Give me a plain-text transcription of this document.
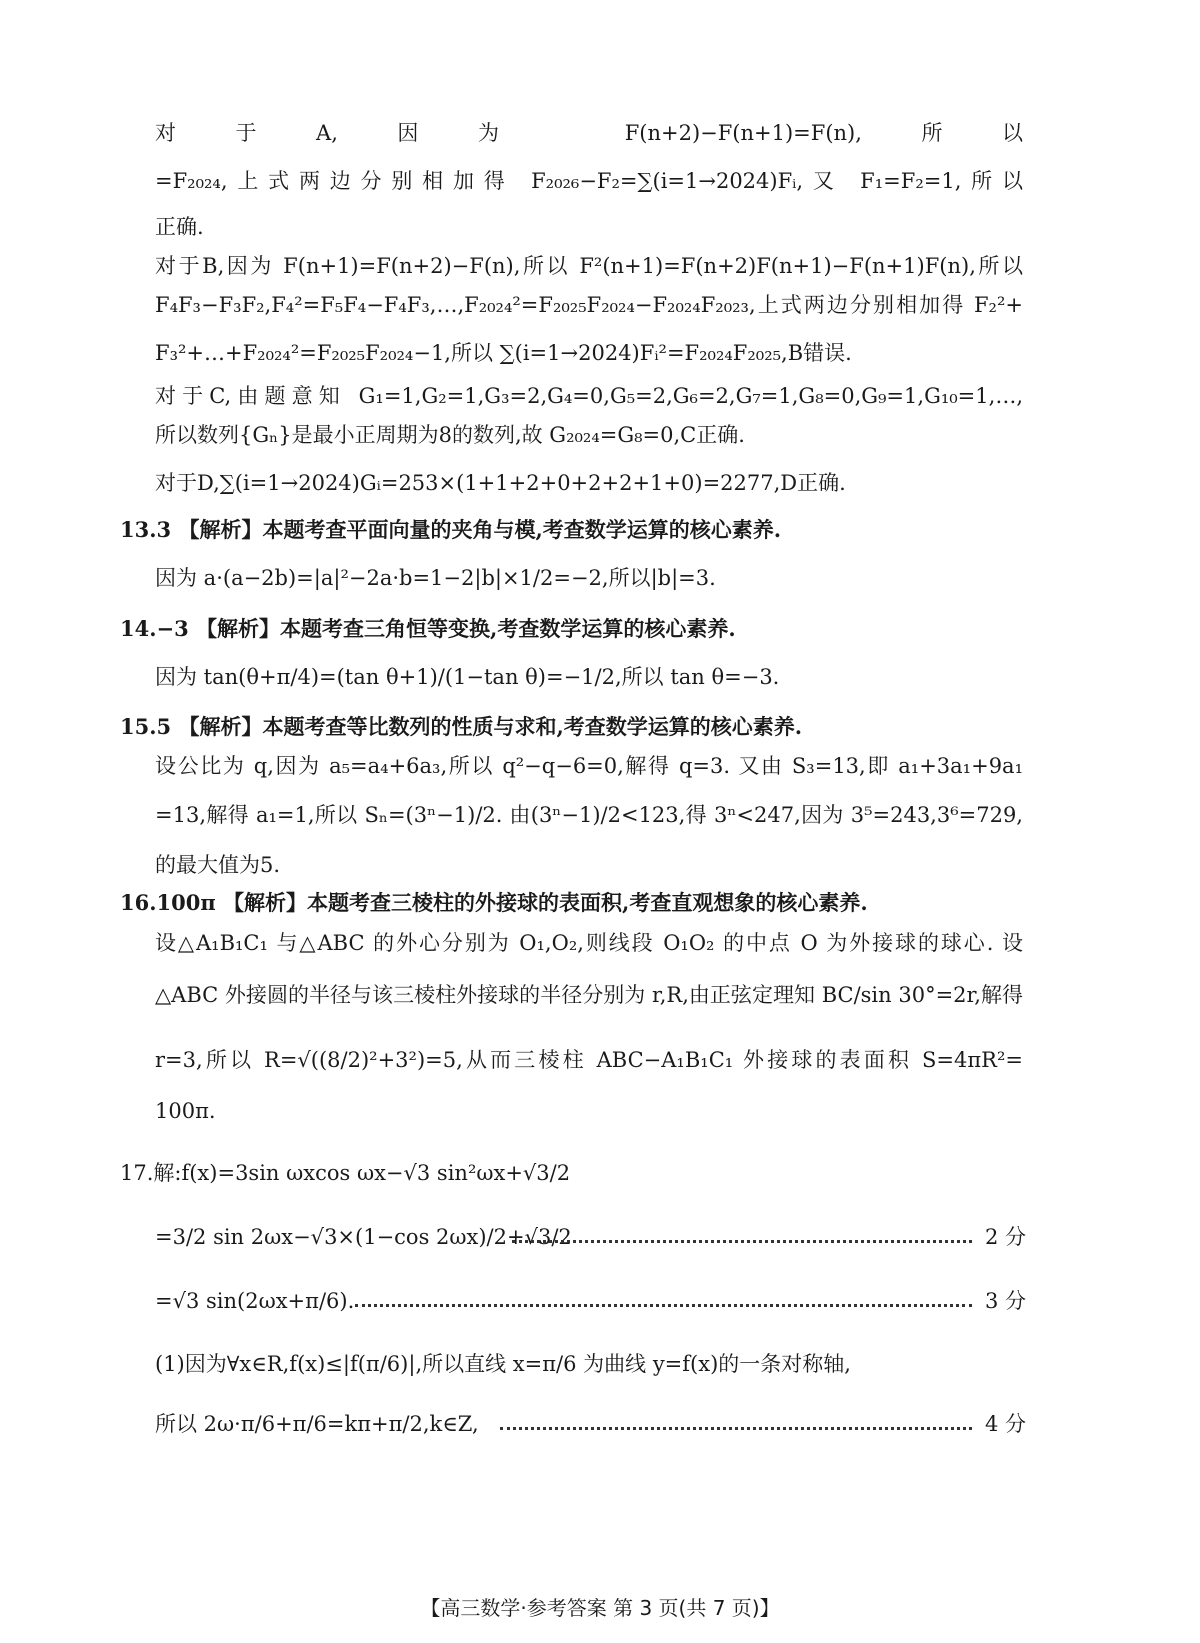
对于A,因为 F(n+2)−F(n+1)=F(n),所以
=F₂₀₂₄,上式两边分别相加得 F₂₀₂₆−F₂=∑(i=1→2024)Fᵢ,又 F₁=F₂=1,所以
正确.
对于B,因为 F(n+1)=F(n+2)−F(n),所以 F²(n+1)=F(n+2)F(n+1)−F(n+1)F(n),所以
F₄F₃−F₃F₂,F₄²=F₅F₄−F₄F₃,…,F₂₀₂₄²=F₂₀₂₅F₂₀₂₄−F₂₀₂₄F₂₀₂₃,上式两边分别相加得 F₂²+
F₃²+…+F₂₀₂₄²=F₂₀₂₅F₂₀₂₄−1,所以 ∑(i=1→2024)Fᵢ²=F₂₀₂₄F₂₀₂₅,B错误.
对于C,由题意知 G₁=1,G₂=1,G₃=2,G₄=0,G₅=2,G₆=2,G₇=1,G₈=0,G₉=1,G₁₀=1,…,
所以数列{Gₙ}是最小正周期为8的数列,故 G₂₀₂₄=G₈=0,C正确.
对于D,∑(i=1→2024)Gᵢ=253×(1+1+2+0+2+2+1+0)=2277,D正确.
13.3 【解析】本题考查平面向量的夹角与模,考查数学运算的核心素养.
因为 a·(a−2b)=|a|²−2a·b=1−2|b|×1/2=−2,所以|b|=3.
14.−3 【解析】本题考查三角恒等变换,考查数学运算的核心素养.
因为 tan(θ+π/4)=(tan θ+1)/(1−tan θ)=−1/2,所以 tan θ=−3.
15.5 【解析】本题考查等比数列的性质与求和,考查数学运算的核心素养.
设公比为 q,因为 a₅=a₄+6a₃,所以 q²−q−6=0,解得 q=3. 又由 S₃=13,即 a₁+3a₁+9a₁
=13,解得 a₁=1,所以 Sₙ=(3ⁿ−1)/2. 由(3ⁿ−1)/2<123,得 3ⁿ<247,因为 3⁵=243,3⁶=729,
的最大值为5.
16.100π 【解析】本题考查三棱柱的外接球的表面积,考查直观想象的核心素养.
设△A₁B₁C₁ 与△ABC 的外心分别为 O₁,O₂,则线段 O₁O₂ 的中点 O 为外接球的球心. 设
△ABC 外接圆的半径与该三棱柱外接球的半径分别为 r,R,由正弦定理知 BC/sin 30°=2r,解得
r=3,所以 R=√((8/2)²+3²)=5,从而三棱柱 ABC−A₁B₁C₁ 外接球的表面积 S=4πR²=
100π.
17.解:f(x)=3sin ωxcos ωx−√3 sin²ωx+√3/2
=3/2 sin 2ωx−√3×(1−cos 2ωx)/2+√3/2	2 分
=√3 sin(2ωx+π/6).	3 分
(1)因为∀x∈R,f(x)≤|f(π/6)|,所以直线 x=π/6 为曲线 y=f(x)的一条对称轴,
所以 2ω·π/6+π/6=kπ+π/2,k∈Z,	4 分
【高三数学·参考答案 第 3 页(共 7 页)】
